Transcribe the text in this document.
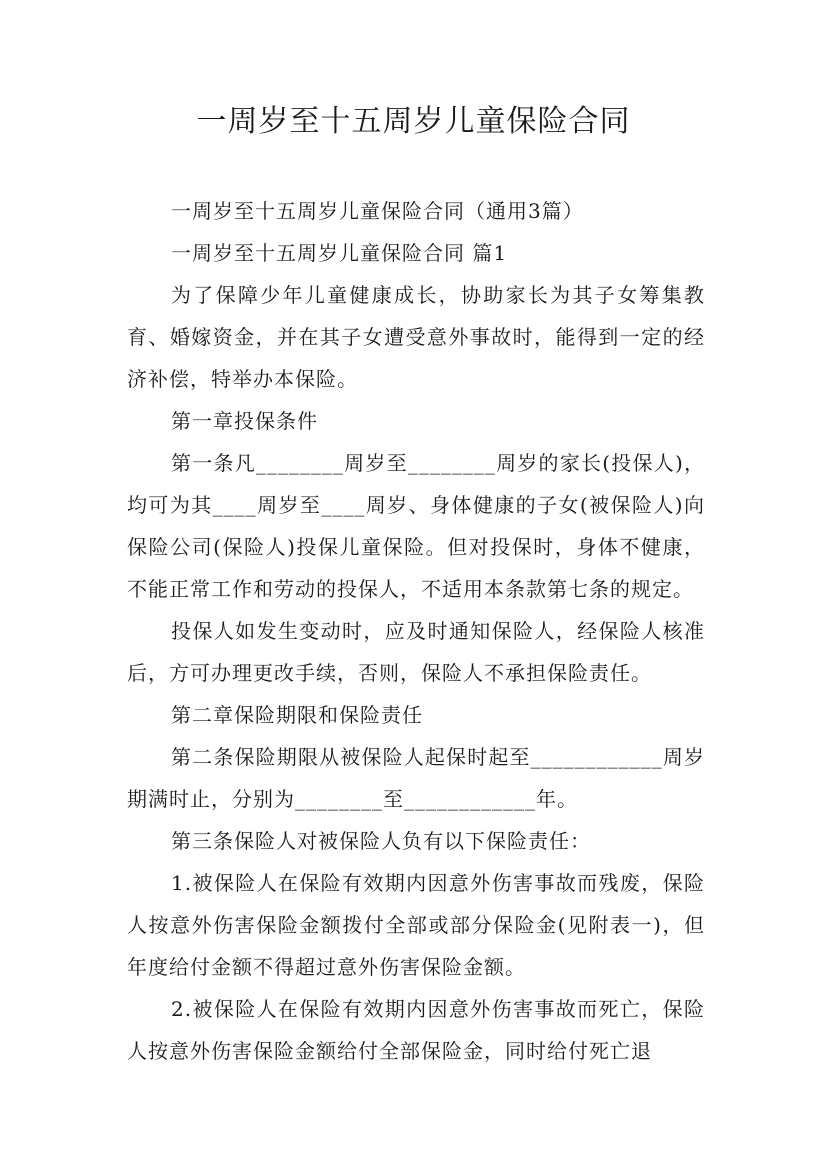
一周岁至十五周岁儿童保险合同

一周岁至十五周岁儿童保险合同（通用3篇）

一周岁至十五周岁儿童保险合同 篇1

为了保障少年儿童健康成长，协助家长为其子女筹集教育、婚嫁资金，并在其子女遭受意外事故时，能得到一定的经济补偿，特举办本保险。

第一章投保条件

第一条凡________周岁至________周岁的家长(投保人)，均可为其____周岁至____周岁、身体健康的子女(被保险人)向保险公司(保险人)投保儿童保险。但对投保时，身体不健康，不能正常工作和劳动的投保人，不适用本条款第七条的规定。

投保人如发生变动时，应及时通知保险人，经保险人核准后，方可办理更改手续，否则，保险人不承担保险责任。

第二章保险期限和保险责任

第二条保险期限从被保险人起保时起至____________周岁期满时止，分别为________至____________年。

第三条保险人对被保险人负有以下保险责任：

1.被保险人在保险有效期内因意外伤害事故而残废，保险人按意外伤害保险金额拨付全部或部分保险金(见附表一)，但年度给付金额不得超过意外伤害保险金额。

2.被保险人在保险有效期内因意外伤害事故而死亡，保险人按意外伤害保险金额给付全部保险金，同时给付死亡退
